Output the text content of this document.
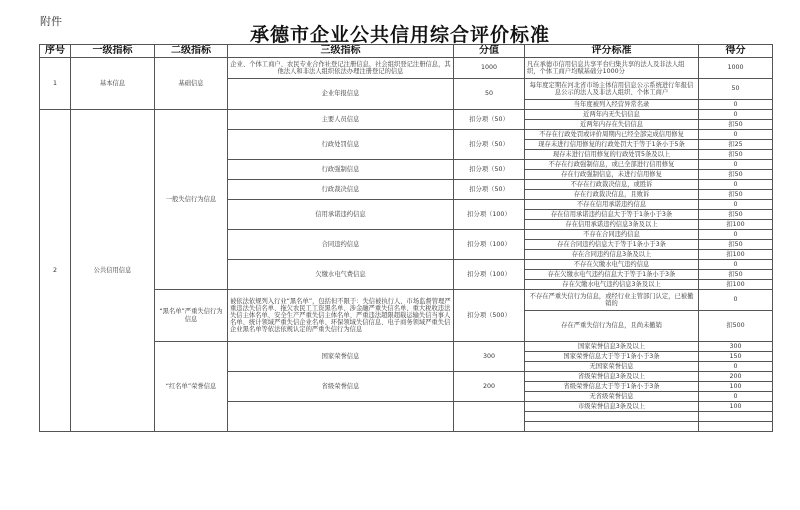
附件
承德市企业公共信用综合评价标准
序号	一级指标	二级指标	三级指标	分值	评分标准	得分
1	基本信息	基础信息	企业、个体工商户、农民专业合作社登记注册信息，社会组织登记注册信息，其他法人和非法人组织依法办理注册登记的信息	1000	凡在承德市信用信息共享平台归集共享的法人及非法人组织，个体工商户均赋基础分1000分	1000
			企业年报信息	50	每年度定期在河北省市场主体信用信息公示系统进行年报信息公示的法人及非法人组织、个体工商户	50
					当年度被列入经营异常名录	0
2	公共信用信息	一般失信行为信息	主要人员信息	扣分项（50）	近两年内无失信信息	0
					近两年内存在失信信息	扣50
			行政处罚信息	扣分项（50）	不存在行政处罚或评价周期内已经全部完成信用修复	0
					现存未进行信用修复的行政处罚大于等于1条小于5条	扣25
					现存未进行信用修复的行政处罚5条及以上	扣50
			行政强制信息	扣分项（50）	不存在行政强制信息，或已全部进行信用修复	0
					存在行政强制信息，未进行信用修复	扣50
			行政裁决信息	扣分项（50）	不存在行政裁决信息，或胜诉	0
					存在行政裁决信息，且败诉	扣50
			信用承诺违约信息	扣分项（100）	不存在信用承诺违约信息	0
					存在信用承诺违约信息大于等于1条小于3条	扣50
					存在信用承诺违约信息3条及以上	扣100
			合同违约信息	扣分项（100）	不存在合同违约信息	0
					存在合同违约信息大于等于1条小于3条	扣50
					存在合同违约信息3条及以上	扣100
			欠缴水电气费信息	扣分项（100）	不存在欠缴水电气违约信息	0
					存在欠缴水电气违约信息大于等于1条小于3条	扣50
					存在欠缴水电气违约信息3条及以上	扣100
		“黑名单”严重失信行为信息	被依法依规列入行业“黑名单”，包括但不限于：失信被执行人、市场监督管理严重违法失信名单、拖欠农民工工资黑名单、涉金融严重失信名单、重大税收违法失信主体名单、安全生产严重失信主体名单、严重违法超限超载运输失信当事人名单、统计领域严重失信企业名单、环保领域失信信息、电子商务领域严重失信企业黑名单等依法依规认定的严重失信行为信息	扣分项（500）	不存在严重失信行为信息，或经行业主管部门认定，已被撤销的	0
					存在严重失信行为信息，且尚未撤销	扣500
		“红名单”荣誉信息	国家荣誉信息	300	国家荣誉信息3条及以上	300
					国家荣誉信息大于等于1条小于3条	150
					无国家荣誉信息	0
			省级荣誉信息	200	省级荣誉信息3条及以上	200
					省级荣誉信息大于等于1条小于3条	100
					无省级荣誉信息	0
					市级荣誉信息3条及以上	100
